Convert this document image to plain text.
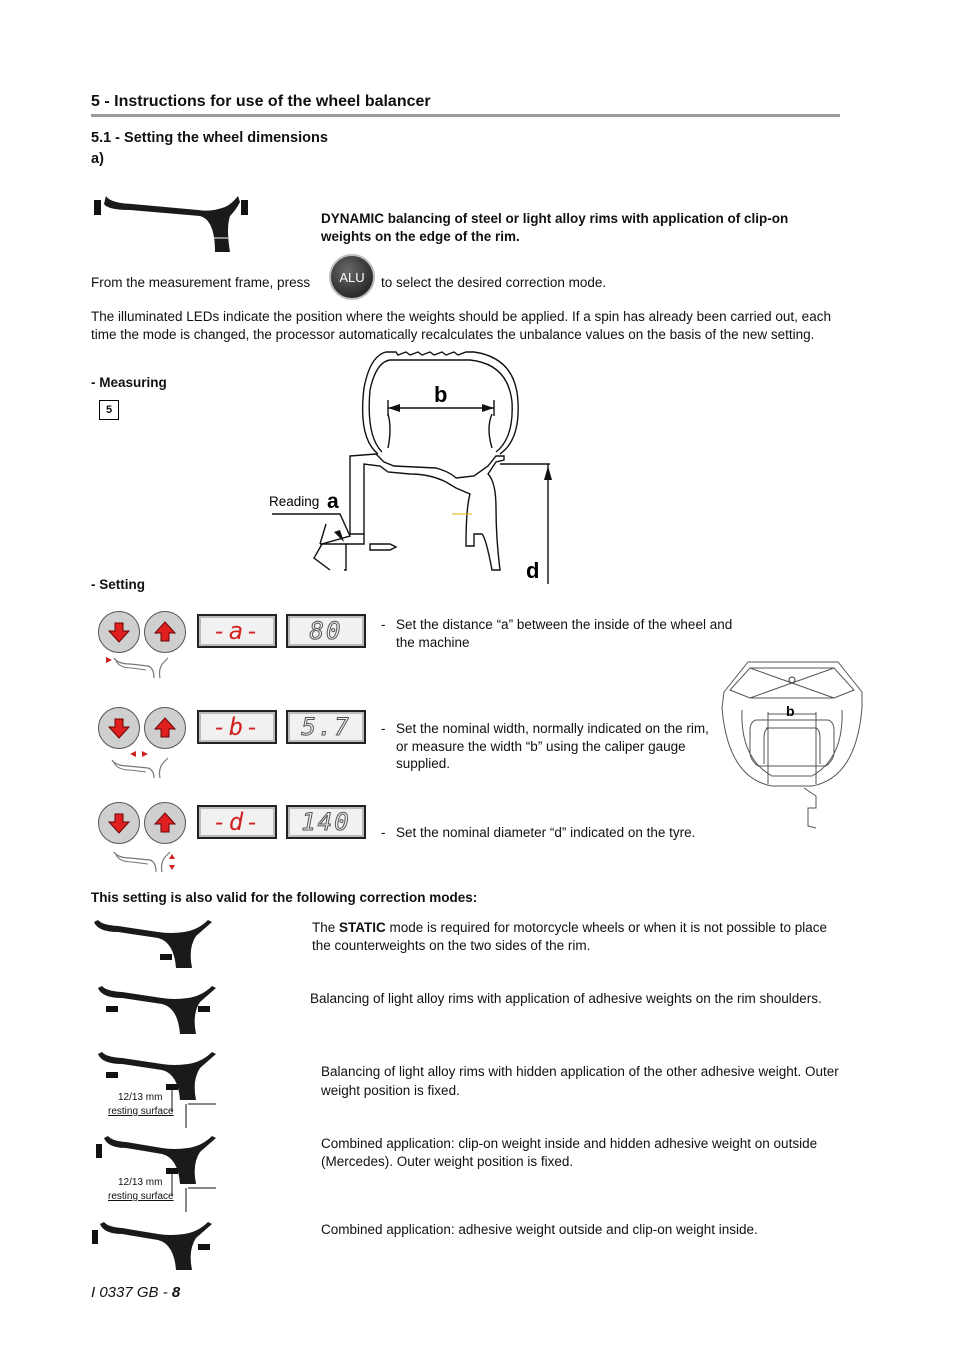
5 - Instructions for use of the wheel balancer
5.1 - Setting the wheel dimensions
a)
DYNAMIC balancing of steel or light alloy rims with application of clip-on weights on the edge of the rim.
From the measurement frame, press ALU to select the desired correction mode.
The illuminated LEDs indicate the position where the weights should be applied. If a spin has already been carried out, each time the mode is changed, the processor automatically recalculates the unbalance values on the basis of the new setting.
- Measuring
5
b
d
Reading a
- Setting
-a- 80	- Set the distance “a” between the inside of the wheel and the machine
b
-b- 5.7 - Set the nominal width, normally indicated on the rim, or measure the width “b” using the caliper gauge supplied.
-d- 140 - Set the nominal diameter “d” indicated on the tyre.
This setting is also valid for the following correction modes:
The STATIC mode is required for motorcycle wheels or when it is not possible to place the counterweights on the two sides of the rim.
Balancing of light alloy rims with application of adhesive weights on the rim shoulders.
12/13 mm
resting surface
Balancing of light alloy rims with hidden application of the other adhesive weight. Outer weight position is fixed.
12/13 mm
resting surface
Combined application: clip-on weight inside and hidden adhesive weight on outside (Mercedes). Outer weight position is fixed.
Combined application: adhesive weight outside and clip-on weight inside.
I 0337 GB - 8
